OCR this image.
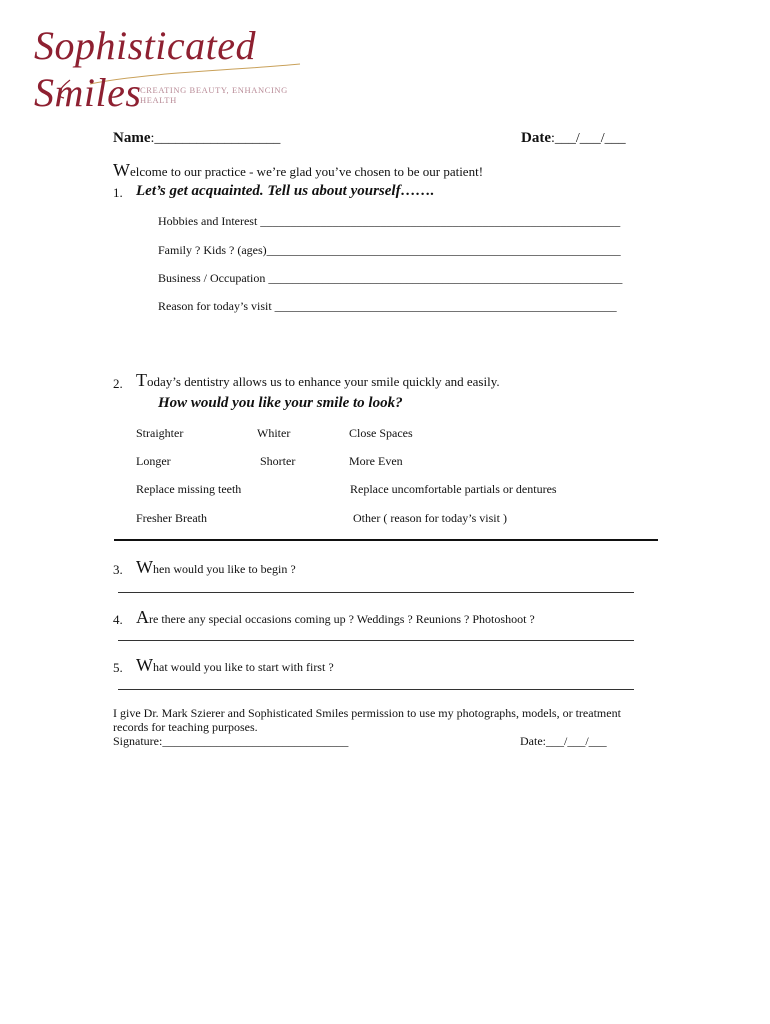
Sophisticated Smiles
CREATING BEAUTY, ENHANCING HEALTH
Name:__________________	Date:___/___/___
Welcome to our practice - we’re glad you’ve chosen to be our patient!
1. Let’s get acquainted. Tell us about yourself…….
Hobbies and Interest ____________________________________________________________
Family ? Kids ? (ages)___________________________________________________________
Business / Occupation ___________________________________________________________
Reason for today’s visit _________________________________________________________
2. Today’s dentistry allows us to enhance your smile quickly and easily.
How would you like your smile to look?
Straighter	Whiter	Close Spaces
Longer	Shorter	More Even
Replace missing teeth	Replace uncomfortable partials or dentures
Fresher Breath	Other ( reason for today’s visit )
3. When would you like to begin ?
4. Are there any special occasions coming up ? Weddings ? Reunions ? Photoshoot ?
5. What would you like to start with first ?
I give Dr. Mark Szierer and Sophisticated Smiles permission to use my photographs, models, or treatment
records for teaching purposes.
Signature:_______________________________	Date:___/___/___
